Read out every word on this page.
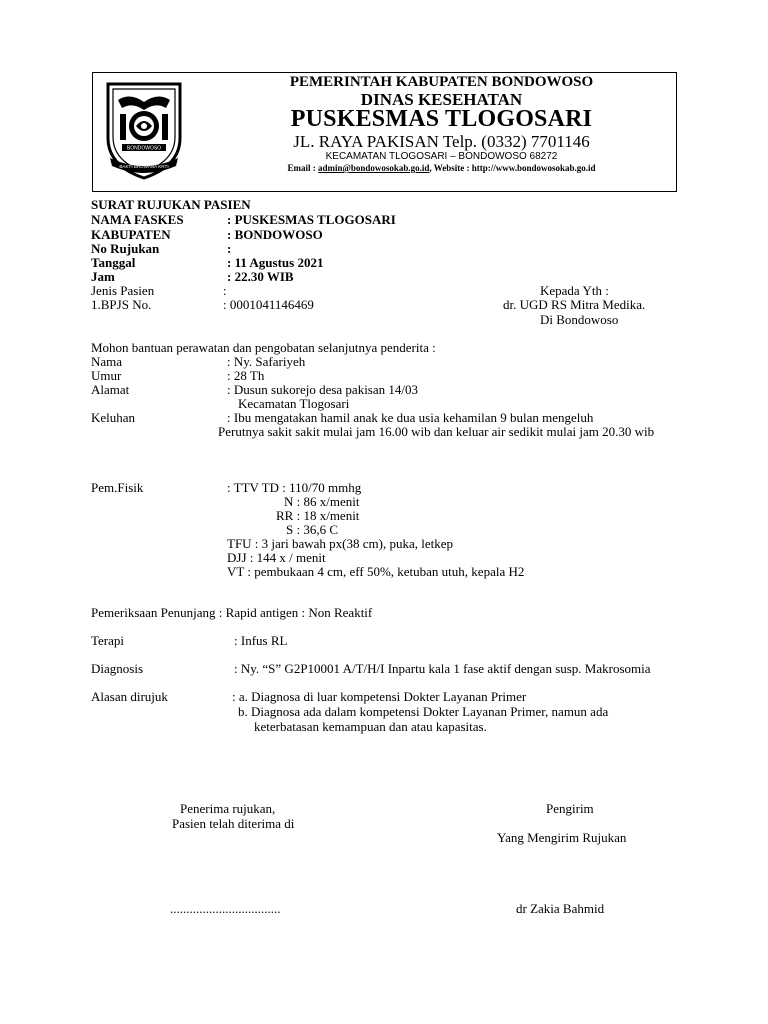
BONDOWOSO
BAKTI BHUWANA KRTI
PEMERINTAH KABUPATEN BONDOWOSO
DINAS KESEHATAN
PUSKESMAS TLOGOSARI
JL. RAYA PAKISAN Telp. (0332) 7701146
KECAMATAN TLOGOSARI – BONDOWOSO 68272
Email : admin@bondowosokab.go.id, Website : http://www.bondowosokab.go.id
SURAT RUJUKAN PASIEN
NAMA FASKES	: PUSKESMAS TLOGOSARI
KABUPATEN	: BONDOWOSO
No Rujukan	:
Tanggal	: 11 Agustus 2021
Jam	: 22.30 WIB
Jenis Pasien	:
1.BPJS No.	: 0001041146469
Kepada Yth :
dr. UGD RS Mitra Medika.
Di Bondowoso
Mohon bantuan perawatan dan pengobatan selanjutnya penderita :
Nama	: Ny. Safariyeh
Umur	: 28 Th
Alamat	: Dusun sukorejo desa pakisan 14/03
Kecamatan Tlogosari
Keluhan	: Ibu mengatakan hamil anak ke dua usia kehamilan 9 bulan mengeluh
Perutnya sakit sakit mulai jam 16.00 wib dan keluar air sedikit mulai jam 20.30 wib
Pem.Fisik	: TTV TD : 110/70 mmhg
N : 86 x/menit
RR : 18 x/menit
S : 36,6 C
TFU : 3 jari bawah px(38 cm), puka, letkep
DJJ : 144 x / menit
VT : pembukaan 4 cm, eff 50%, ketuban utuh, kepala H2
Pemeriksaan Penunjang : Rapid antigen : Non Reaktif
Terapi	: Infus RL
Diagnosis	: Ny. “S” G2P10001 A/T/H/I Inpartu kala 1 fase aktif dengan susp. Makrosomia
Alasan dirujuk	: a. Diagnosa di luar kompetensi Dokter Layanan Primer
b. Diagnosa ada dalam kompetensi Dokter Layanan Primer, namun ada
keterbatasan kemampuan dan atau kapasitas.
Penerima rujukan,
Pasien telah diterima di
..................................
Pengirim
Yang Mengirim Rujukan
dr Zakia Bahmid
